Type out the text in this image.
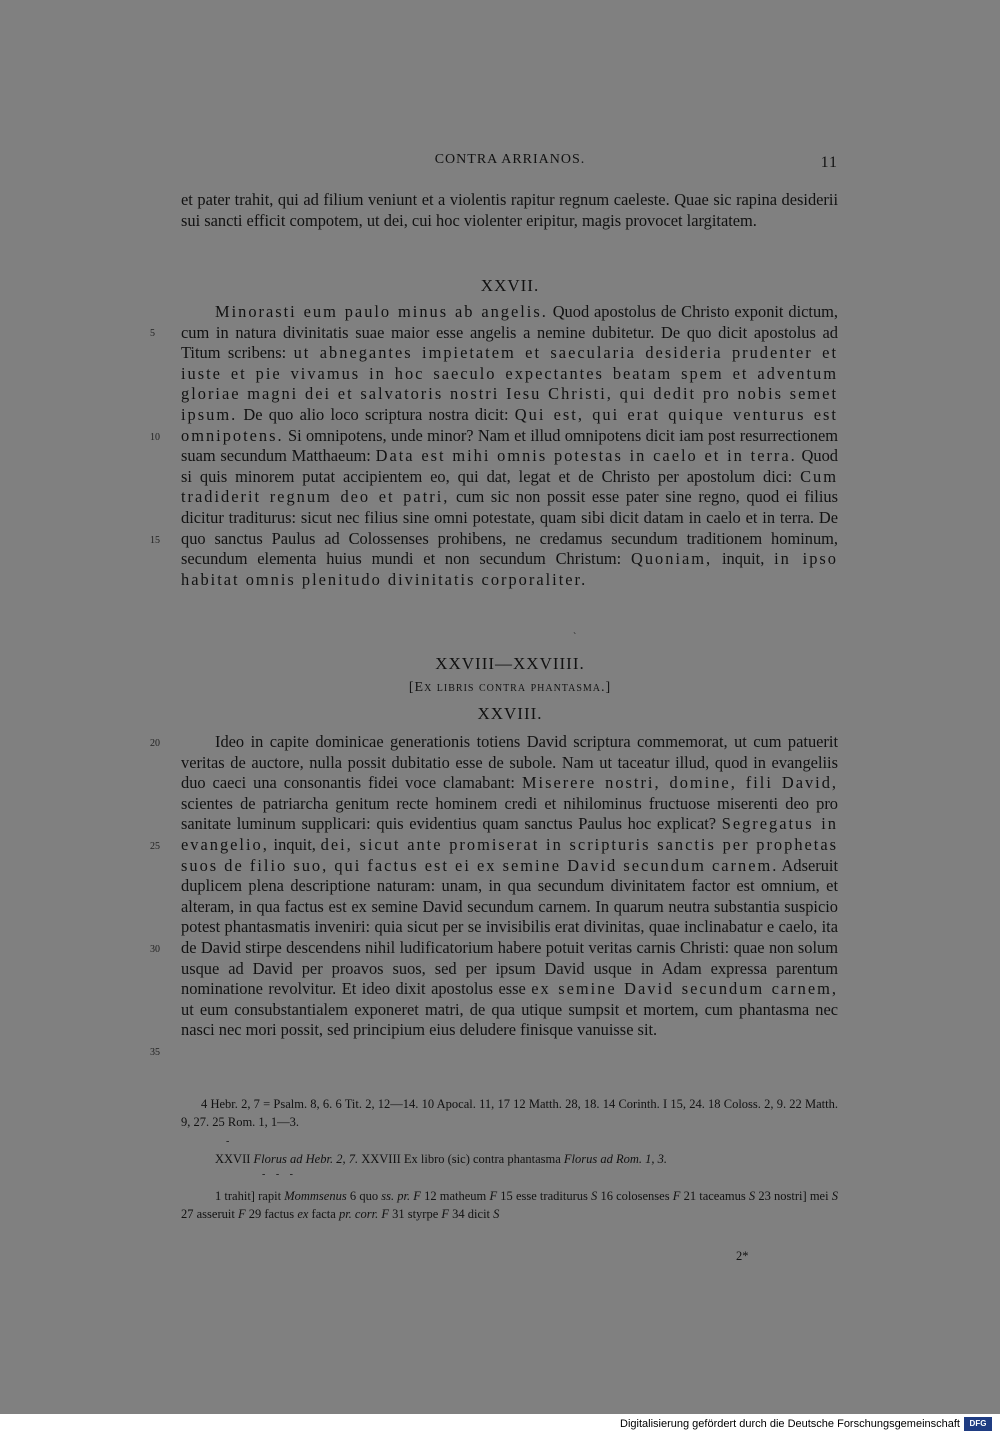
CONTRA ARRIANOS.	11

et pater trahit, qui ad filium veniunt et a violentis rapitur regnum caeleste. Quae sic rapina desiderii sui sancti efficit compotem, ut dei, cui hoc violenter eripitur, magis provocet largitatem.

XXVII.

Minorasti eum paulo minus ab angelis. Quod apostolus de Christo exponit dictum, cum in natura divinitatis suae maior esse angelis a nemine dubitetur. De quo dicit apostolus ad Titum scribens: ut abnegantes impietatem et saecularia desideria prudenter et iuste et pie vivamus in hoc saeculo expectantes beatam spem et adventum gloriae magni dei et salvatoris nostri Iesu Christi, qui dedit pro nobis semet ipsum. De quo alio loco scriptura nostra dicit: Qui est, qui erat quique venturus est omnipotens. Si omnipotens, unde minor? Nam et illud omnipotens dicit iam post resurrectionem suam secundum Matthaeum: Data est mihi omnis potestas in caelo et in terra. Quod si quis minorem putat accipientem eo, qui dat, legat et de Christo per apostolum dici: Cum tradiderit regnum deo et patri, cum sic non possit esse pater sine regno, quod ei filius dicitur traditurus: sicut nec filius sine omni potestate, quam sibi dicit datam in caelo et in terra. De quo sanctus Paulus ad Colossenses prohibens, ne credamus secundum traditionem hominum, secundum elementa huius mundi et non secundum Christum: Quoniam, inquit, in ipso habitat omnis plenitudo divinitatis corporaliter.

`
XXVIII—XXVIIII.
[Ex libris contra phantasma.]
XXVIII.

Ideo in capite dominicae generationis totiens David scriptura commemorat, ut cum patuerit veritas de auctore, nulla possit dubitatio esse de subole. Nam ut taceatur illud, quod in evangeliis duo caeci una consonantis fidei voce clamabant: Miserere nostri, domine, fili David, scientes de patriarcha genitum recte hominem credi et nihilominus fructuose miserenti deo pro sanitate luminum supplicari: quis evidentius quam sanctus Paulus hoc explicat? Segregatus in evangelio, inquit, dei, sicut ante promiserat in scripturis sanctis per prophetas suos de filio suo, qui factus est ei ex semine David secundum carnem. Adseruit duplicem plena descriptione naturam: unam, in qua secundum divinitatem factor est omnium, et alteram, in qua factus est ex semine David secundum carnem. In quarum neutra substantia suspicio potest phantasmatis inveniri: quia sicut per se invisibilis erat divinitas, quae inclinabatur e caelo, ita de David stirpe descendens nihil ludificatorium habere potuit veritas carnis Christi: quae non solum usque ad David per proavos suos, sed per ipsum David usque in Adam expressa parentum nominatione revolvitur. Et ideo dixit apostolus esse ex semine David secundum carnem, ut eum consubstantialem exponeret matri, de qua utique sumpsit et mortem, cum phantasma nec nasci nec mori possit, sed principium eius deludere finisque vanuisse sit.

5
10
15
20
25
30
35

4 Hebr. 2, 7 = Psalm. 8, 6. 6 Tit. 2, 12—14. 10 Apocal. 11, 17 12 Matth. 28, 18. 14 Corinth. I 15, 24. 18 Coloss. 2, 9. 22 Matth. 9, 27. 25 Rom. 1, 1—3.

-

XXVII Florus ad Hebr. 2, 7. XXVIII Ex libro (sic) contra phantasma Florus ad Rom. 1, 3.

- - -

1 trahit] rapit Mommsenus 6 quo ss. pr. F 12 matheum F 15 esse traditurus S 16 colosenses F 21 taceamus S 23 nostri] mei S 27 asseruit F 29 factus ex facta pr. corr. F 31 styrpe F 34 dicit S

2*
Digitalisierung gefördert durch die Deutsche Forschungsgemeinschaft	DFG
